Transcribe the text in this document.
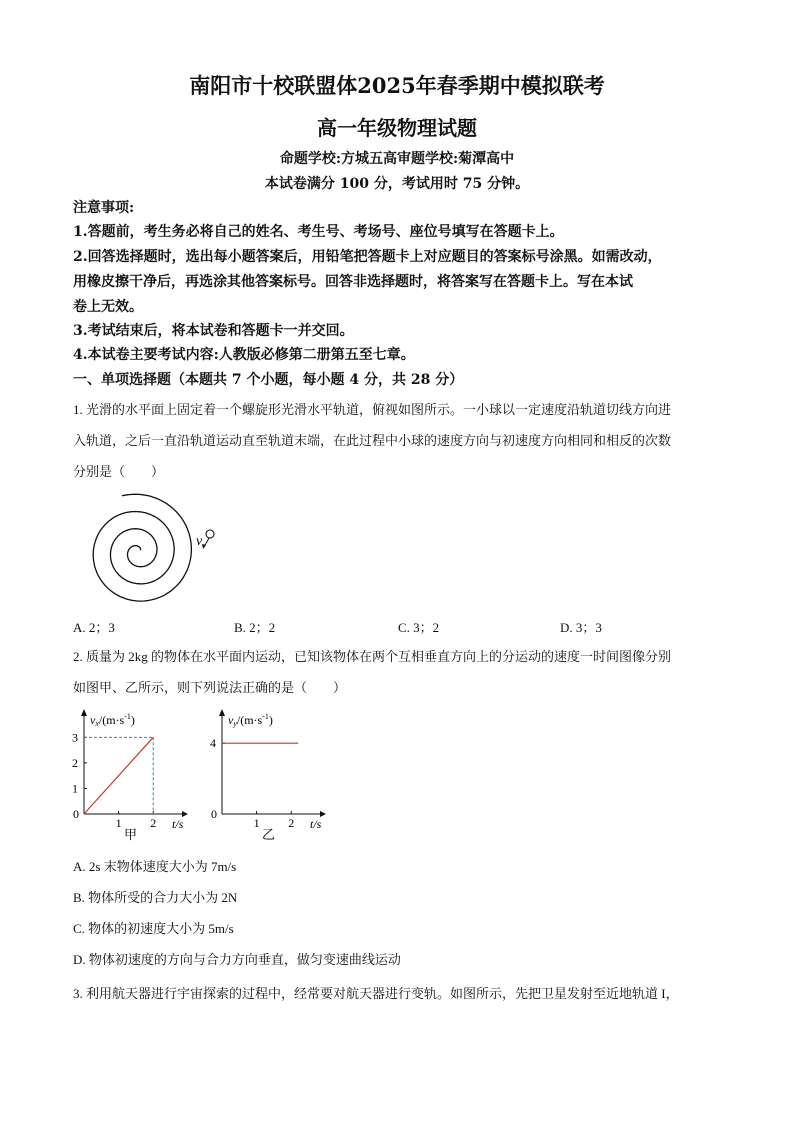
南阳市十校联盟体2025年春季期中模拟联考
高一年级物理试题
命题学校:方城五高审题学校:菊潭高中
本试卷满分 100 分，考试用时 75 分钟。
注意事项:
1.答题前，考生务必将自己的姓名、考生号、考场号、座位号填写在答题卡上。
2.回答选择题时，选出每小题答案后，用铅笔把答题卡上对应题目的答案标号涂黑。如需改动，
用橡皮擦干净后，再选涂其他答案标号。回答非选择题时，将答案写在答题卡上。写在本试
卷上无效。
3.考试结束后，将本试卷和答题卡一并交回。
4.本试卷主要考试内容:人教版必修第二册第五至七章。
一、单项选择题（本题共 7 个小题，每小题 4 分，共 28 分）
1. 光滑的水平面上固定着一个螺旋形光滑水平轨道，俯视如图所示。一小球以一定速度沿轨道切线方向进
入轨道，之后一直沿轨道运动直至轨道末端，在此过程中小球的速度方向与初速度方向相同和相反的次数
分别是（　　）
v
A. 2；3	B. 2；2	C. 3；2	D. 3；3
2. 质量为 2kg 的物体在水平面内运动，已知该物体在两个互相垂直方向上的分运动的速度一时间图像分别
如图甲、乙所示，则下列说法正确的是（　　）
$vx/(m\cdot s^{-1})$
t/s
0
甲
1 2
1
2
3
$vy/(m\cdot s^{-1})$
t/s
0
乙
1 2
4
A. 2s 末物体速度大小为 7m/s
B. 物体所受的合力大小为 2N
C. 物体的初速度大小为 5m/s
D. 物体初速度的方向与合力方向垂直，做匀变速曲线运动
3. 利用航天器进行宇宙探索的过程中，经常要对航天器进行变轨。如图所示，先把卫星发射至近地轨道 I，
